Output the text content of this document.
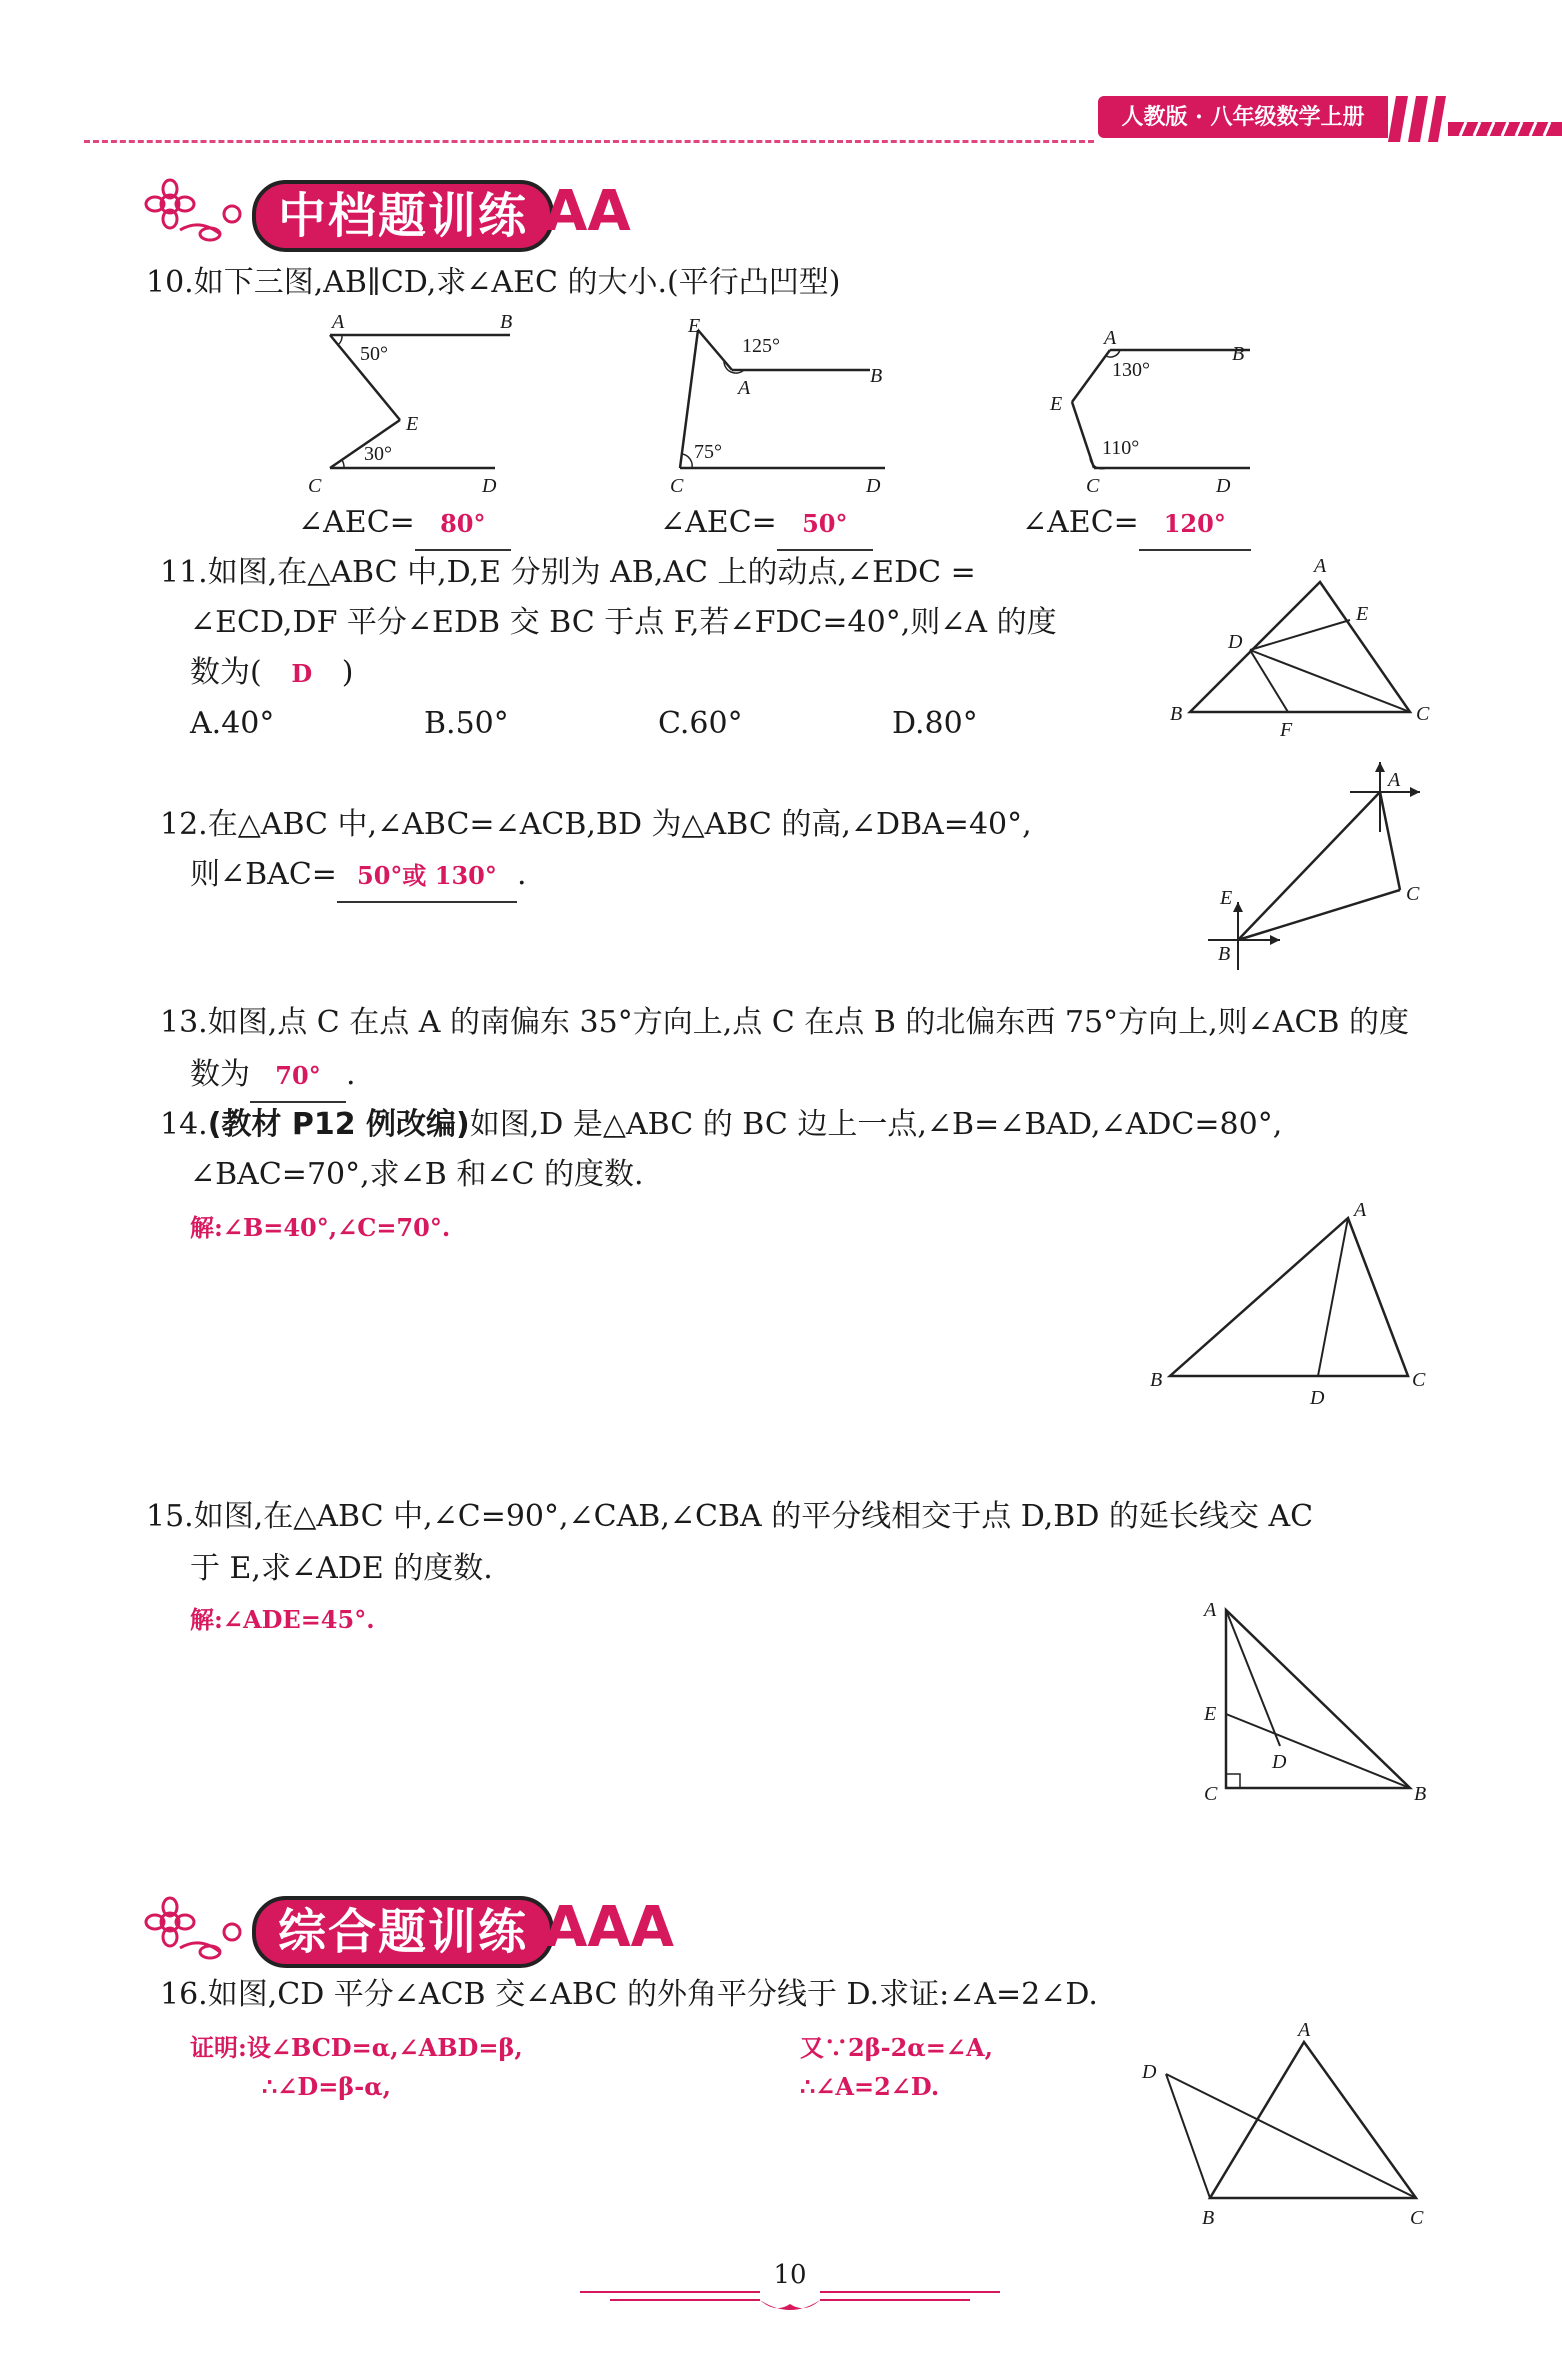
人教版 · 八年级数学上册
中档题训练 AA
10.如下三图,AB∥CD,求∠AEC 的大小.(平行凸凹型)
A	B
C	D
E
50°
30°
∠AEC= 80°
E
A
B
C	D
125°
75°
∠AEC= 50°
A
B
E
C	D
130°
110°
∠AEC= 120°
11.如图,在△ABC 中,D,E 分别为 AB,AC 上的动点,∠EDC =
∠ECD,DF 平分∠EDB 交 BC 于点 F,若∠FDC=40°,则∠A 的度
数为( D )
A.40°	B.50°	C.60°	D.80°
A
B	C
D
E
F
12.在△ABC 中,∠ABC=∠ACB,BD 为△ABC 的高,∠DBA=40°,
则∠BAC= 50°或 130° .
A
C
B
E
13.如图,点 C 在点 A 的南偏东 35°方向上,点 C 在点 B 的北偏东西 75°方向上,则∠ACB 的度
数为 70° .
14.(教材 P12 例改编)如图,D 是△ABC 的 BC 边上一点,∠B=∠BAD,∠ADC=80°,
∠BAC=70°,求∠B 和∠C 的度数.
解:∠B=40°,∠C=70°.
A
B	C
D
15.如图,在△ABC 中,∠C=90°,∠CAB,∠CBA 的平分线相交于点 D,BD 的延长线交 AC
于 E,求∠ADE 的度数.
解:∠ADE=45°.	A
E
D
C	B
综合题训练 AAA
16.如图,CD 平分∠ACB 交∠ABC 的外角平分线于 D.求证:∠A=2∠D.
证明:设∠BCD=α,∠ABD=β,
∴∠D=β-α,
又∵2β-2α=∠A,
∴∠A=2∠D.
A
D
B	C
10
